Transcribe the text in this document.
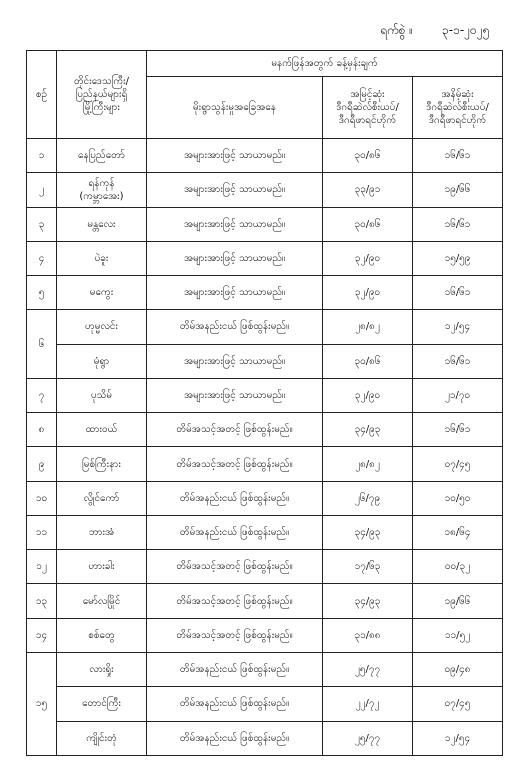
ရက်စွဲ ။ ၃-၁-၂၀၂၅
စဉ်	တိုင်းဒေသကြီး/
ပြည်နယ်များရှိ
မြို့ကြီးများ	မနက်ဖြန်အတွက် ခန့်မှန်းချက်		
		မိုးရွာသွန်းမှုအခြေအနေ	အမြင့်ဆုံး
ဒီဂရီဆဲလ်စီးယပ်/
ဒီဂရီဖာရင်ဟိုက်	အနိမ့်ဆုံး
ဒီဂရီဆဲလ်စီးယပ်/
ဒီဂရီဖာရင်ဟိုက်
၁	နေပြည်တော်	အများအားဖြင့် သာယာမည်။	၃၀/၈၆	၁၆/၆၁
၂	ရန်ကုန်
(ကမ္ဘာအေး)	အများအားဖြင့် သာယာမည်။	၃၃/၉၁	၁၉/၆၆
၃	မန္တလေး	အများအားဖြင့် သာယာမည်။	၃၀/၈၆	၁၆/၆၁
၄	ပဲခူး	အများအားဖြင့် သာယာမည်။	၃၂/၉၀	၁၅/၅၉
၅	မကွေး	အများအားဖြင့် သာယာမည်။	၃၂/၉၀	၁၆/၆၁
၆	ဟုမ္မလင်း	တိမ်အနည်းငယ် ဖြစ်ထွန်းမည်။	၂၈/၈၂	၁၂/၅၄
	မုံရွာ	အများအားဖြင့် သာယာမည်။	၃၀/၈၆	၁၆/၆၁
၇	ပုသိမ်	အများအားဖြင့် သာယာမည်။	၃၂/၉၀	၂၁/၇၀
၈	ထားဝယ်	တိမ်အသင့်အတင့် ဖြစ်ထွန်းမည်။	၃၄/၉၃	၁၆/၆၁
၉	မြစ်ကြီးနား	တိမ်အသင့်အတင့် ဖြစ်ထွန်းမည်။	၂၈/၈၂	၀၇/၄၅
၁၀	လွိုင်ကော်	တိမ်အနည်းငယ် ဖြစ်ထွန်းမည်။	၂၆/၇၉	၁၀/၅၀
၁၁	ဘားအံ	တိမ်အနည်းငယ် ဖြစ်ထွန်းမည်။	၃၄/၉၃	၁၈/၆၄
၁၂	ဟားခါး	တိမ်အသင့်အတင့် ဖြစ်ထွန်းမည်။	၁၇/၆၃	၀၀/၃၂
၁၃	မော်လမြိုင်	တိမ်အသင့်အတင့် ဖြစ်ထွန်းမည်။	၃၄/၉၃	၁၉/၆၆
၁၄	စစ်တွေ	တိမ်အသင့်အတင့် ဖြစ်ထွန်းမည်။	၃၁/၈၈	၁၁/၅၂
၁၅	လားရှိုး	တိမ်အနည်းငယ် ဖြစ်ထွန်းမည်။	၂၅/၇၇	၀၉/၄၈
	တောင်ကြီး	တိမ်အနည်းငယ် ဖြစ်ထွန်းမည်။	၂၂/၇၂	၀၇/၄၅
	ကျိုင်းတုံ	တိမ်အနည်းငယ် ဖြစ်ထွန်းမည်။	၂၅/၇၇	၁၂/၅၄
